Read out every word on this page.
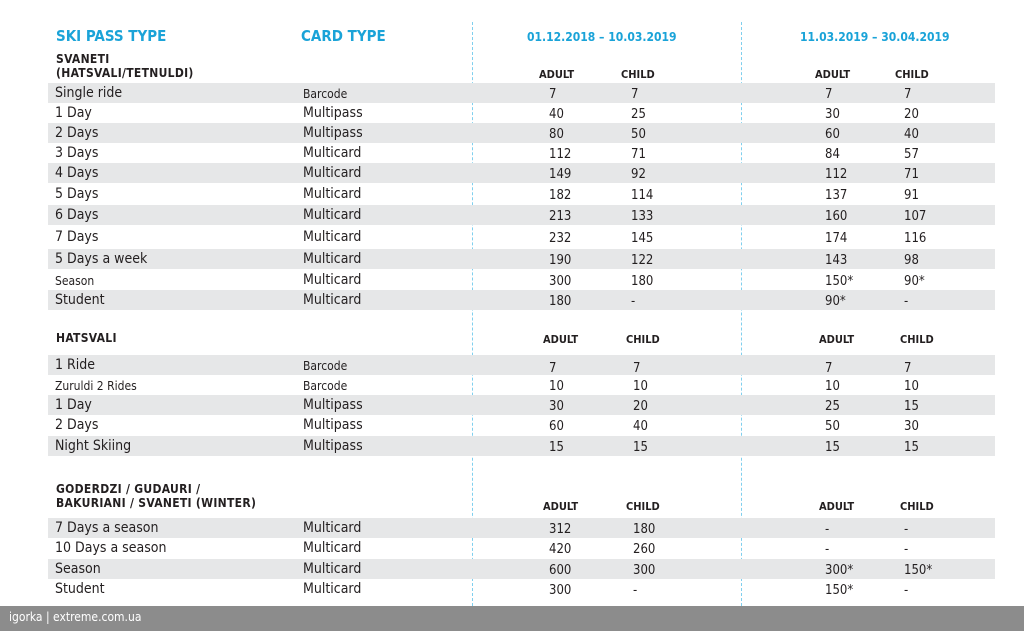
SKI PASS TYPE	CARD TYPE	01.12.2018 – 10.03.2019	11.03.2019 – 30.04.2019
SVANETI
(HATSVALI/TETNULDI)	ADULT	CHILD	ADULT	CHILD
Single ride	Barcode	7	7	7	7
1 Day	Multipass	40	25	30	20
2 Days	Multipass	80	50	60	40
3 Days	Multicard	112	71	84	57
4 Days	Multicard	149	92	112	71
5 Days	Multicard	182	114	137	91
6 Days	Multicard	213	133	160	107
7 Days	Multicard	232	145	174	116
5 Days a week	Multicard	190	122	143	98
Season	Multicard	300	180	150*	90*
Student	Multicard	180	-	90*	-
HATSVALI	ADULT	CHILD	ADULT	CHILD
1 Ride	Barcode	7	7	7	7
Zuruldi 2 Rides	Barcode	10	10	10	10
1 Day	Multipass	30	20	25	15
2 Days	Multipass	60	40	50	30
Night Skiing	Multipass	15	15	15	15
GODERDZI / GUDAURI /
BAKURIANI / SVANETI (WINTER)	ADULT	CHILD	ADULT	CHILD
7 Days a season	Multicard	312	180	-	-
10 Days a season	Multicard	420	260	-	-
Season	Multicard	600	300	300*	150*
Student	Multicard	300	-	150*	-
igorka | extreme.com.ua
